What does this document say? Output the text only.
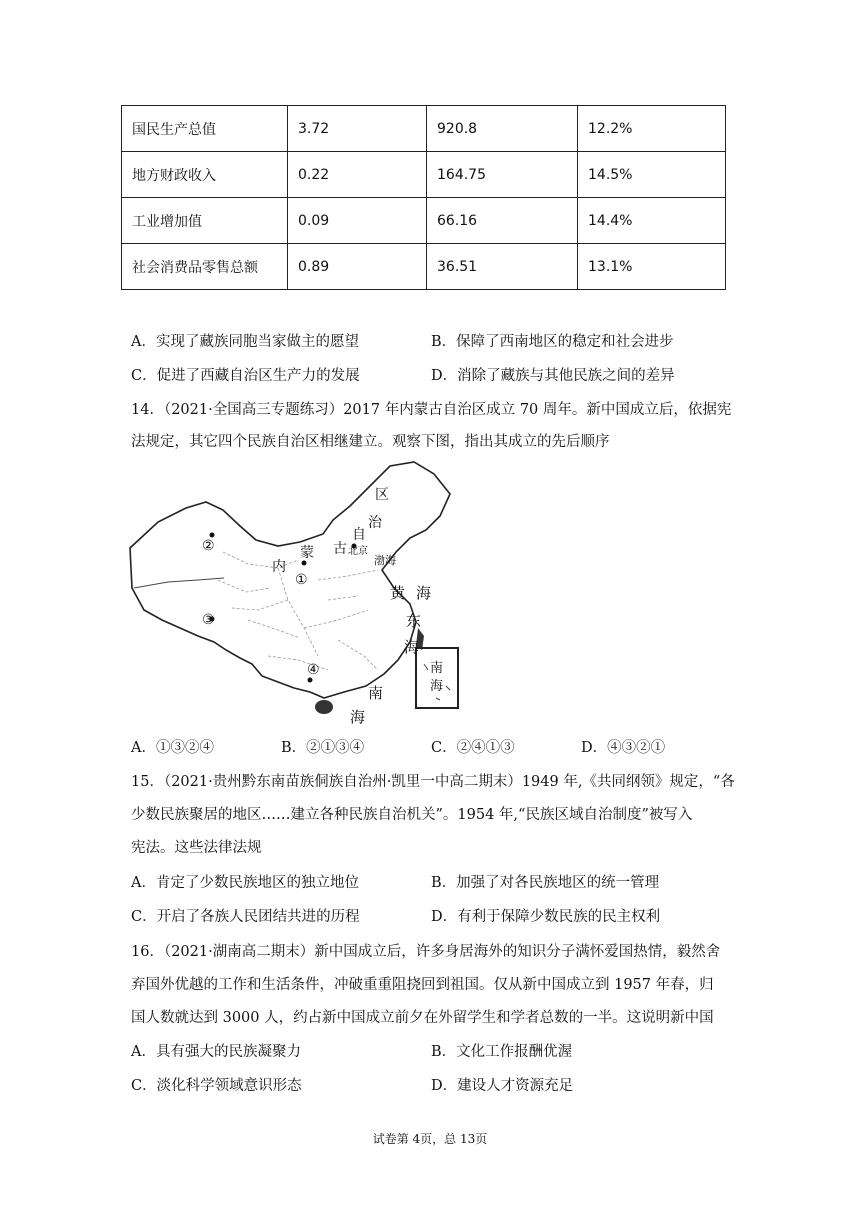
国民生产总值	3.72	920.8	12.2%
地方财政收入	0.22	164.75	14.5%
工业增加值	0.09	66.16	14.4%
社会消费品零售总额	0.89	36.51	13.1%
A．实现了藏族同胞当家做主的愿望	B．保障了西南地区的稳定和社会进步
C．促进了西藏自治区生产力的发展	D．消除了藏族与其他民族之间的差异
14．（2021·全国高三专题练习）2017 年内蒙古自治区成立 70 周年。新中国成立后，依据宪
法规定，其它四个民族自治区相继建立。观察下图，指出其成立的先后顺序
区
治
自
内
蒙 古 北京
渤海
黄 海
东
海
南
海
南海
②
③
①
④
A．①③②④	B．②①③④	C．②④①③	D．④③②①
15．（2021·贵州黔东南苗族侗族自治州·凯里一中高二期末）1949 年,《共同纲领》规定，“各
少数民族聚居的地区……建立各种民族自治机关”。1954 年,“民族区域自治制度”被写入
宪法。这些法律法规
A．肯定了少数民族地区的独立地位	B．加强了对各民族地区的统一管理
C．开启了各族人民团结共进的历程	D．有利于保障少数民族的民主权利
16．（2021·湖南高二期末）新中国成立后，许多身居海外的知识分子满怀爱国热情，毅然舍
弃国外优越的工作和生活条件，冲破重重阻挠回到祖国。仅从新中国成立到 1957 年春，归
国人数就达到 3000 人，约占新中国成立前夕在外留学生和学者总数的一半。这说明新中国
A．具有强大的民族凝聚力	B．文化工作报酬优渥
C．淡化科学领域意识形态	D．建设人才资源充足
试卷第 4页，总 13页
